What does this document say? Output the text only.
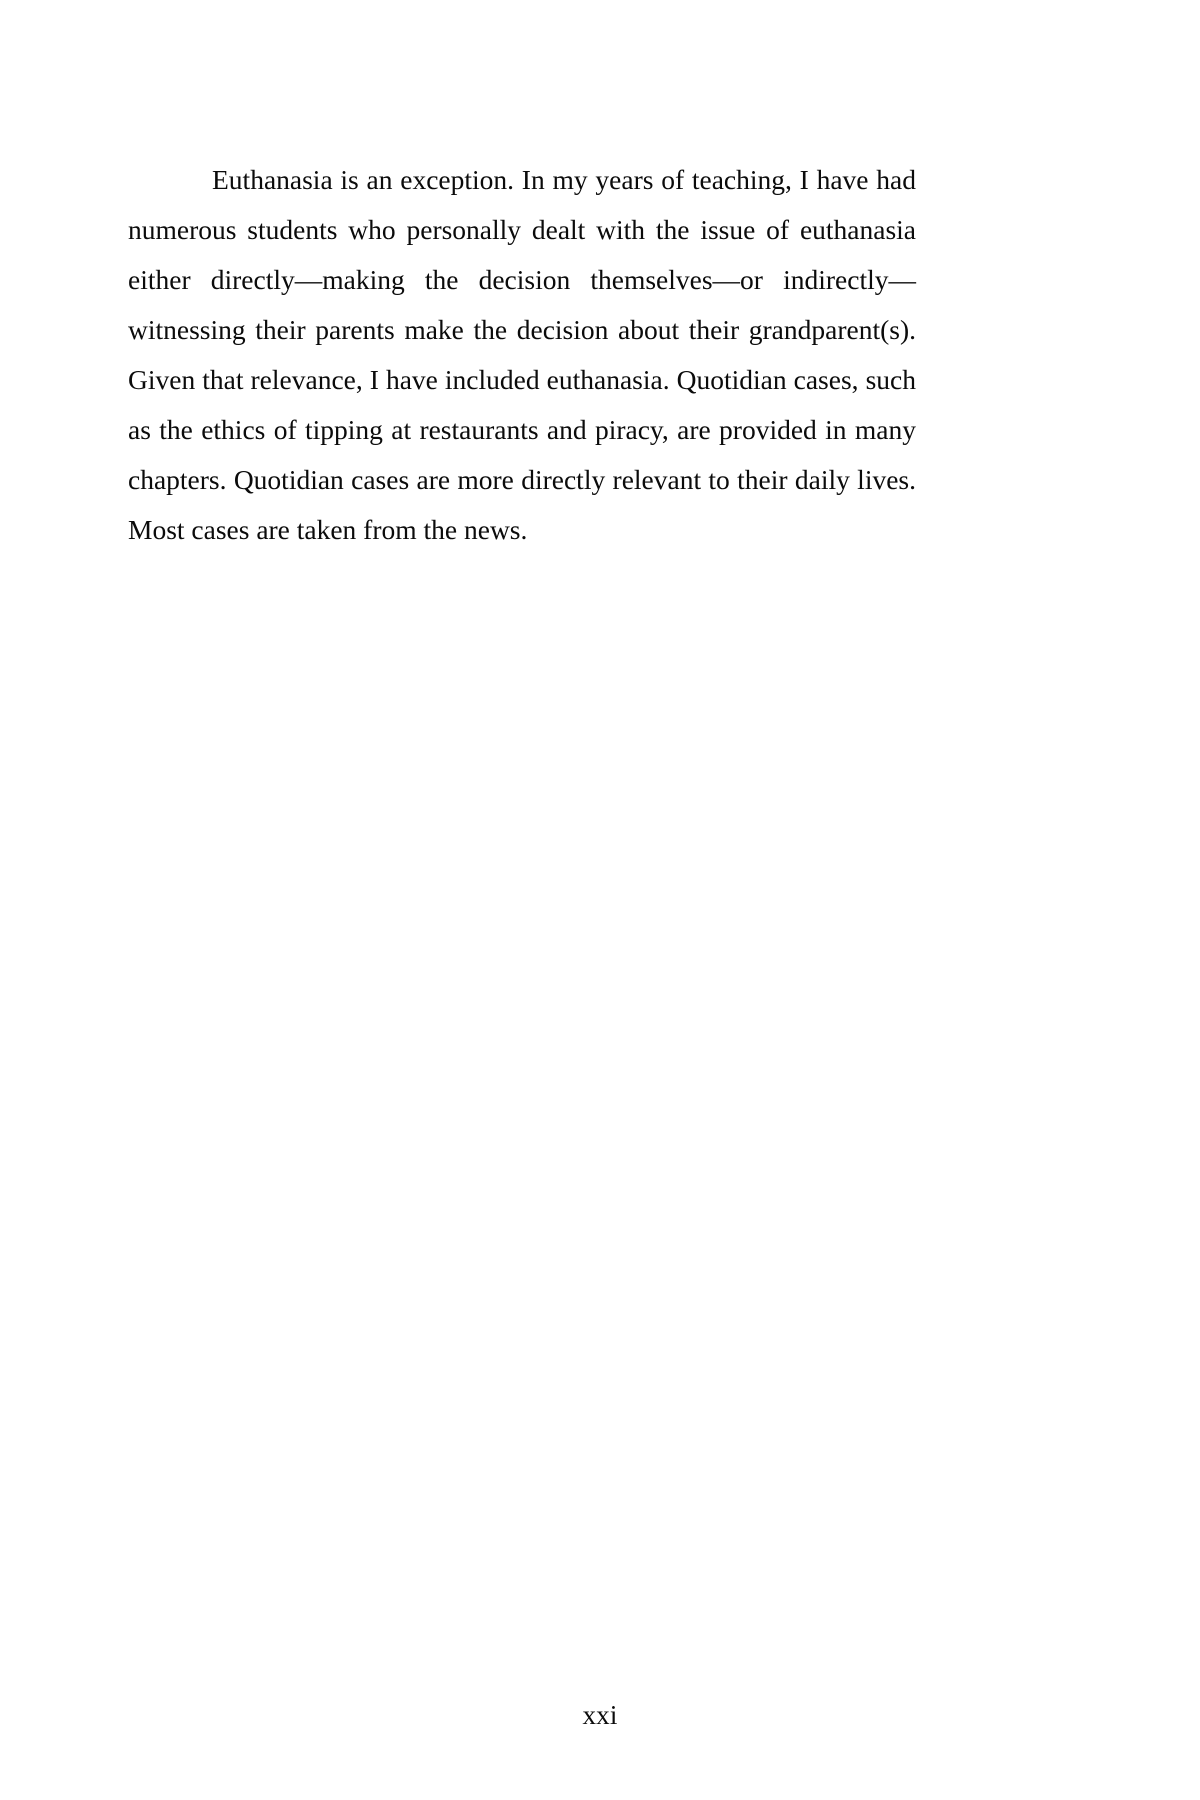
Euthanasia is an exception. In my years of teaching, I have had numerous students who personally dealt with the issue of euthanasia either directly—making the decision themselves—or indirectly—witnessing their parents make the decision about their grandparent(s). Given that relevance, I have included euthanasia. Quotidian cases, such as the ethics of tipping at restaurants and piracy, are provided in many chapters. Quotidian cases are more directly relevant to their daily lives. Most cases are taken from the news.

xxi
